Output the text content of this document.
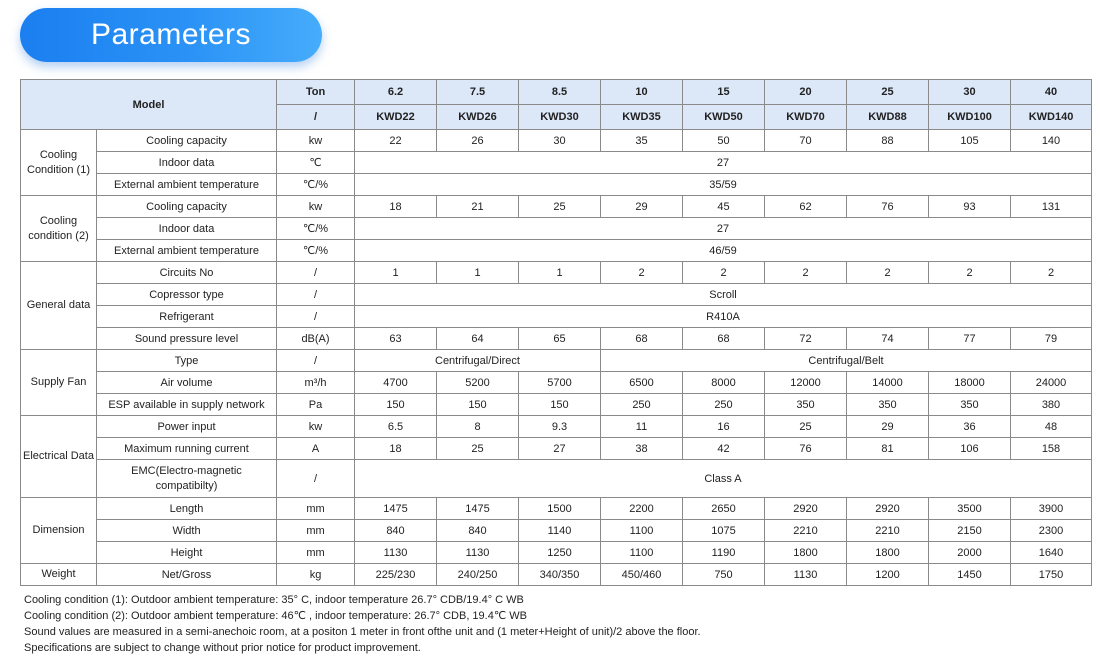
Parameters
Model		Ton	6.2	7.5	8.5	10	15	20	25	30	40
		/	KWD22	KWD26	KWD30	KWD35	KWD50	KWD70	KWD88	KWD100	KWD140
Cooling Condition (1)	Cooling capacity	kw	22	26	30	35	50	70	88	105	140
	Indoor data	℃	27								
	External ambient temperature	℃/%	35/59								
Cooling condition (2)	Cooling capacity	kw	18	21	25	29	45	62	76	93	131
	Indoor data	℃/%	27								
	External ambient temperature	℃/%	46/59								
General data	Circuits No	/	1	1	1	2	2	2	2	2	2
	Copressor type	/	Scroll								
	Refrigerant	/	R410A								
	Sound pressure level	dB(A)	63	64	65	68	68	72	74	77	79
Supply Fan	Type	/	Centrifugal/Direct			Centrifugal/Belt					
	Air volume	m³/h	4700	5200	5700	6500	8000	12000	14000	18000	24000
	ESP available in supply network	Pa	150	150	150	250	250	350	350	350	380
Electrical Data	Power input	kw	6.5	8	9.3	11	16	25	29	36	48
	Maximum running current	A	18	25	27	38	42	76	81	106	158
	EMC(Electro-magnetic compatibilty)	/	Class A								
Dimension	Length	mm	1475	1475	1500	2200	2650	2920	2920	3500	3900
	Width	mm	840	840	1140	1100	1075	2210	2210	2150	2300
	Height	mm	1130	1130	1250	1100	1190	1800	1800	2000	1640
Weight	Net/Gross	kg	225/230	240/250	340/350	450/460	750	1130	1200	1450	1750
Cooling condition (1): Outdoor ambient temperature: 35° C, indoor temperature 26.7° CDB/19.4° C WB
Cooling condition (2): Outdoor ambient temperature: 46℃ , indoor temperature: 26.7° CDB, 19.4℃ WB
Sound values are measured in a semi-anechoic room, at a positon 1 meter in front ofthe unit and (1 meter+Height of unit)/2 above the floor.
Specifications are subject to change without prior notice for product improvement.
